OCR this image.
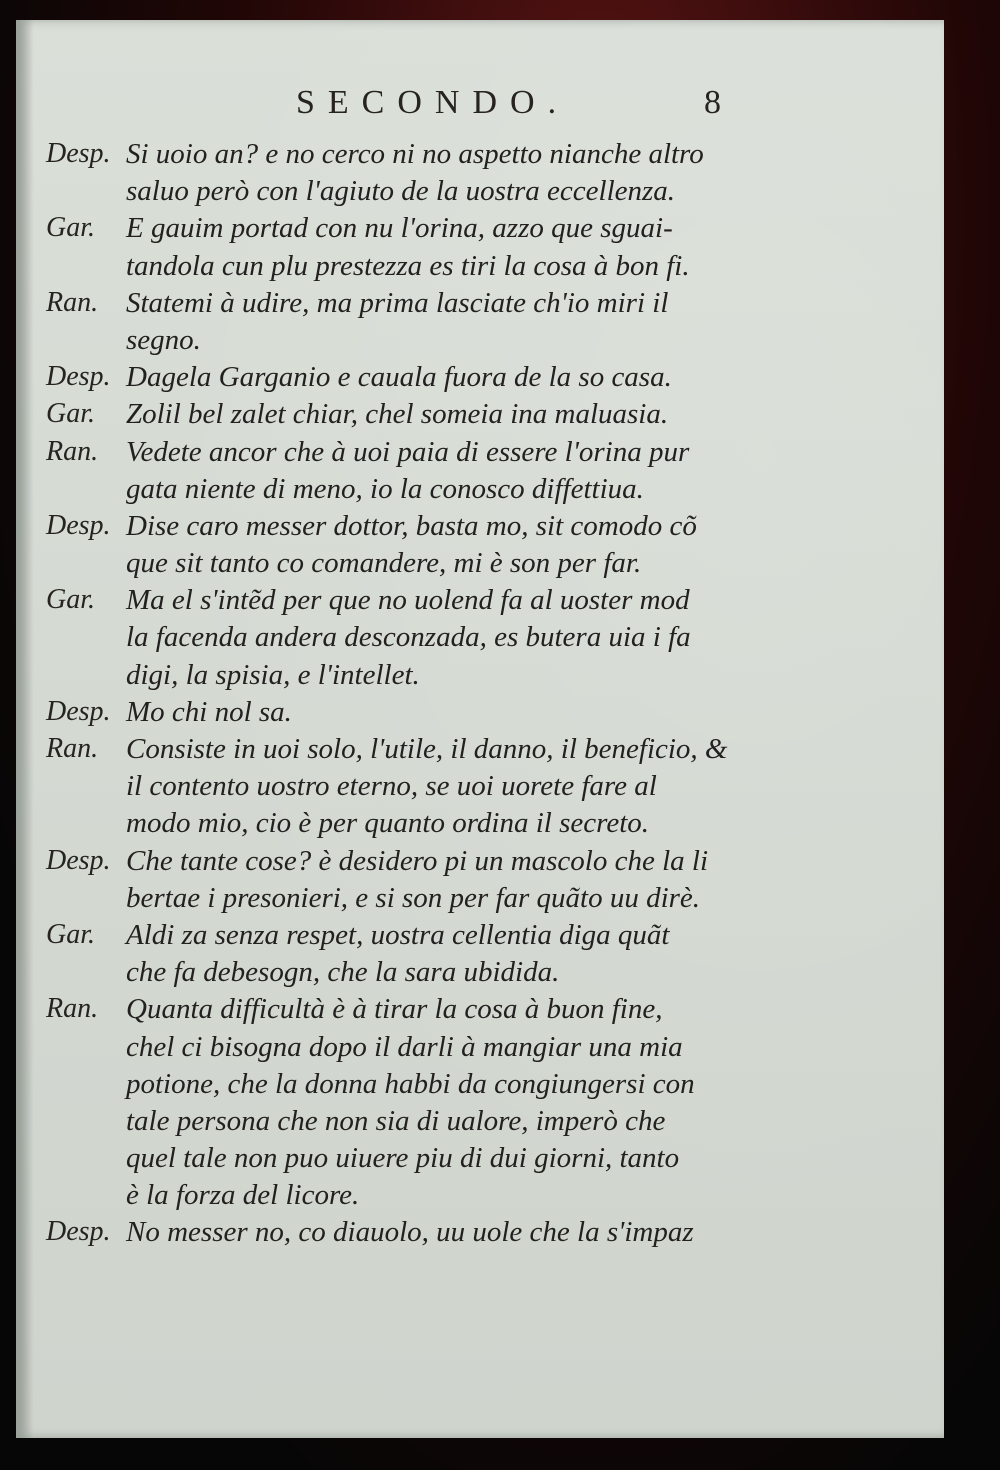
SECONDO.	8
Desp. Si uoio an? e no cerco ni no aspetto nianche altro
saluo però con l'agiuto de la uostra eccellenza.
Gar. E gauim portad con nu l'orina, azzo que sguai-
tandola cun plu prestezza es tiri la cosa à bon fi.
Ran. Statemi à udire, ma prima lasciate ch'io miri il
segno.
Desp. Dagela Garganio e cauala fuora de la so casa.
Gar. Zolil bel zalet chiar, chel someia ina maluasia.
Ran. Vedete ancor che à uoi paia di essere l'orina pur
gata niente di meno, io la conosco diffettiua.
Desp. Dise caro messer dottor, basta mo, sit comodo cõ
que sit tanto co comandere, mi è son per far.
Gar. Ma el s'intẽd per que no uolend fa al uoster mod
la facenda andera desconzada, es butera uia i fa
digi, la spisia, e l'intellet.
Desp. Mo chi nol sa.
Ran. Consiste in uoi solo, l'utile, il danno, il beneficio, &
il contento uostro eterno, se uoi uorete fare al
modo mio, cio è per quanto ordina il secreto.
Desp. Che tante cose? è desidero pi un mascolo che la li
bertae i presonieri, e si son per far quãto uu dirè.
Gar. Aldi za senza respet, uostra cellentia diga quãt
che fa debesogn, che la sara ubidida.
Ran. Quanta difficultà è à tirar la cosa à buon fine,
chel ci bisogna dopo il darli à mangiar una mia
potione, che la donna habbi da congiungersi con
tale persona che non sia di ualore, imperò che
quel tale non puo uiuere piu di dui giorni, tanto
è la forza del licore.
Desp. No messer no, co diauolo, uu uole che la s'impaz
